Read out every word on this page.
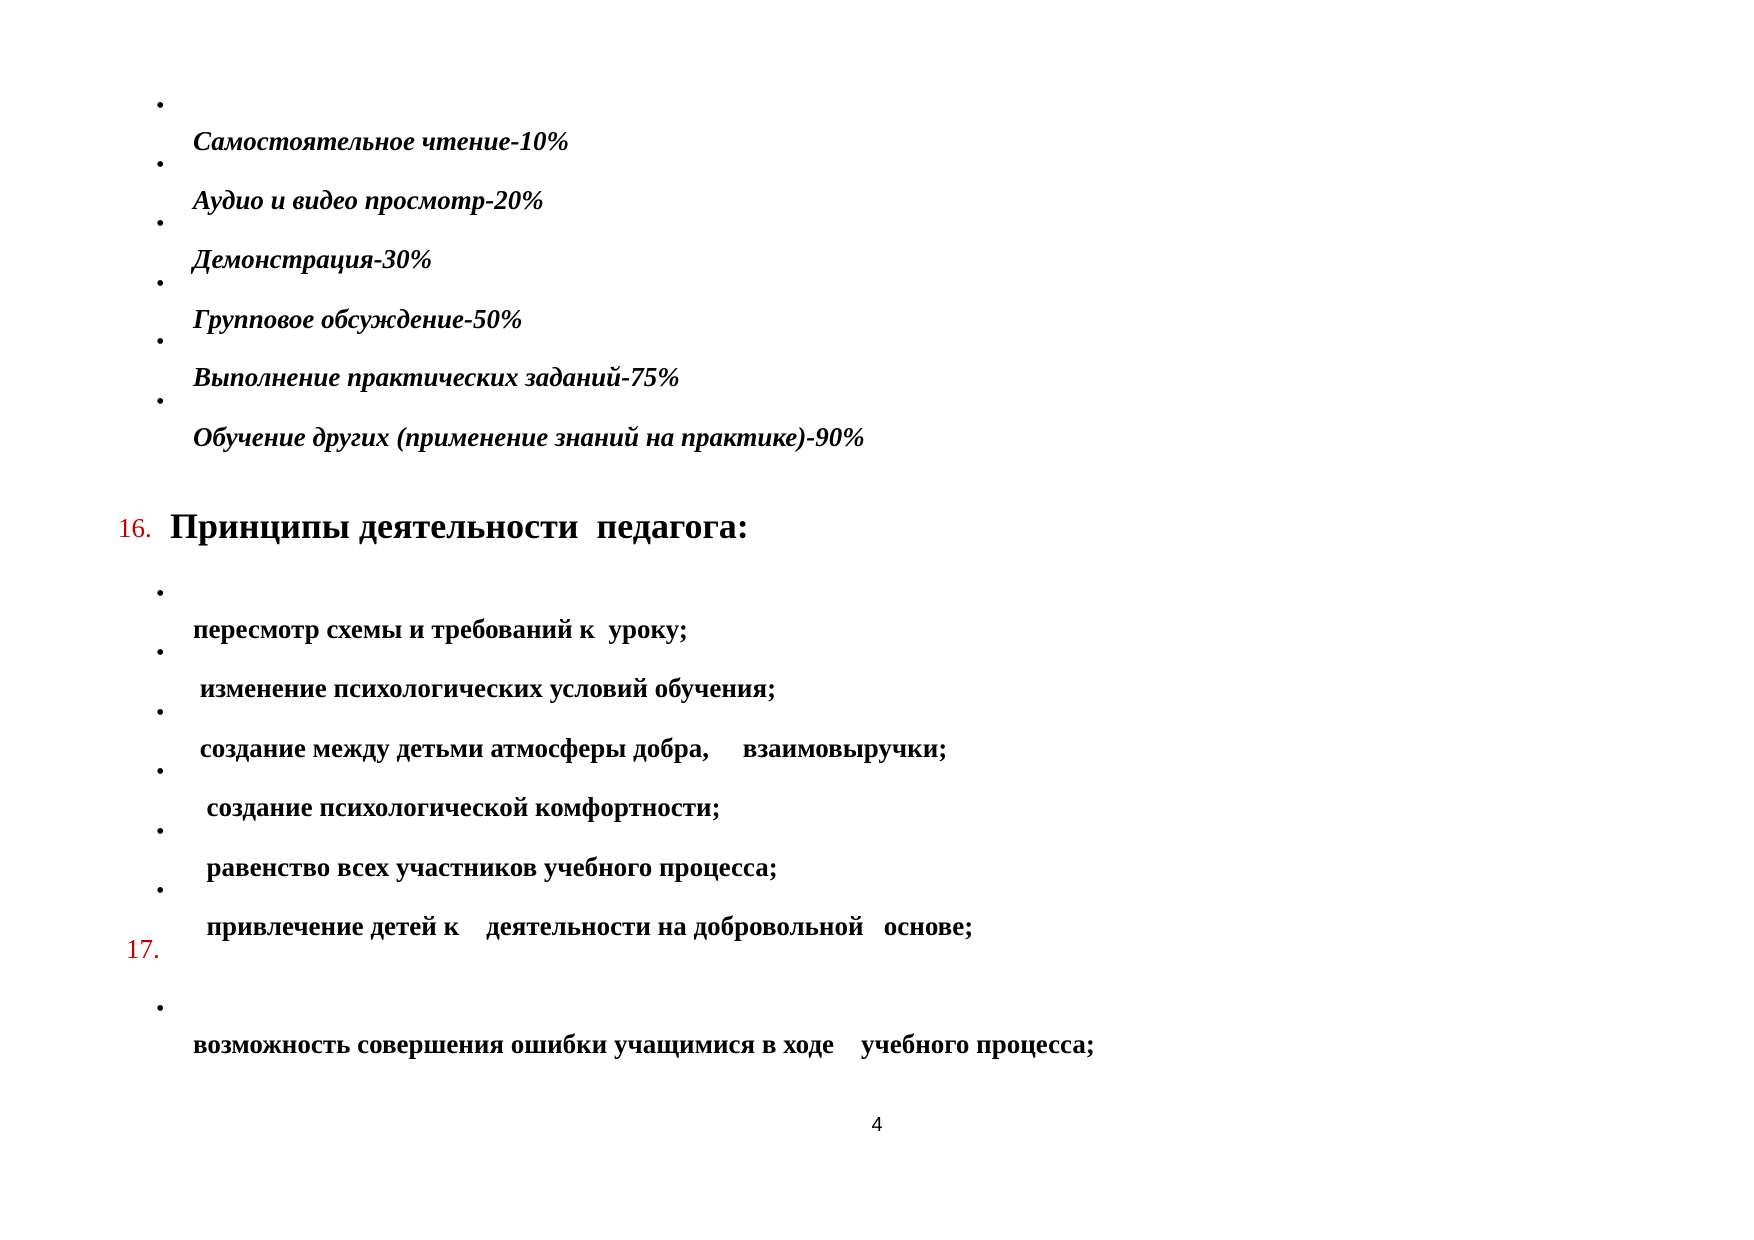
•

Самостоятельное чтение-10%

•

Аудио и видео просмотр-20%

•

Демонстрация-30%

•

Групповое обсуждение-50%

•

Выполнение практических заданий-75%

•

Обучение других (применение знаний на практике)-90%

16. Принципы деятельности  педагога:

•

пересмотр схемы и требований к  уроку;

•

изменение психологических условий обучения;

•

создание между детьми атмосферы добра,     взаимовыручки;

•

создание психологической комфортности;

•

равенство всех участников учебного процесса;

•

привлечение детей к    деятельности на добровольной   основе;

17.

•

возможность совершения ошибки учащимися в ходе    учебного процесса;

4
